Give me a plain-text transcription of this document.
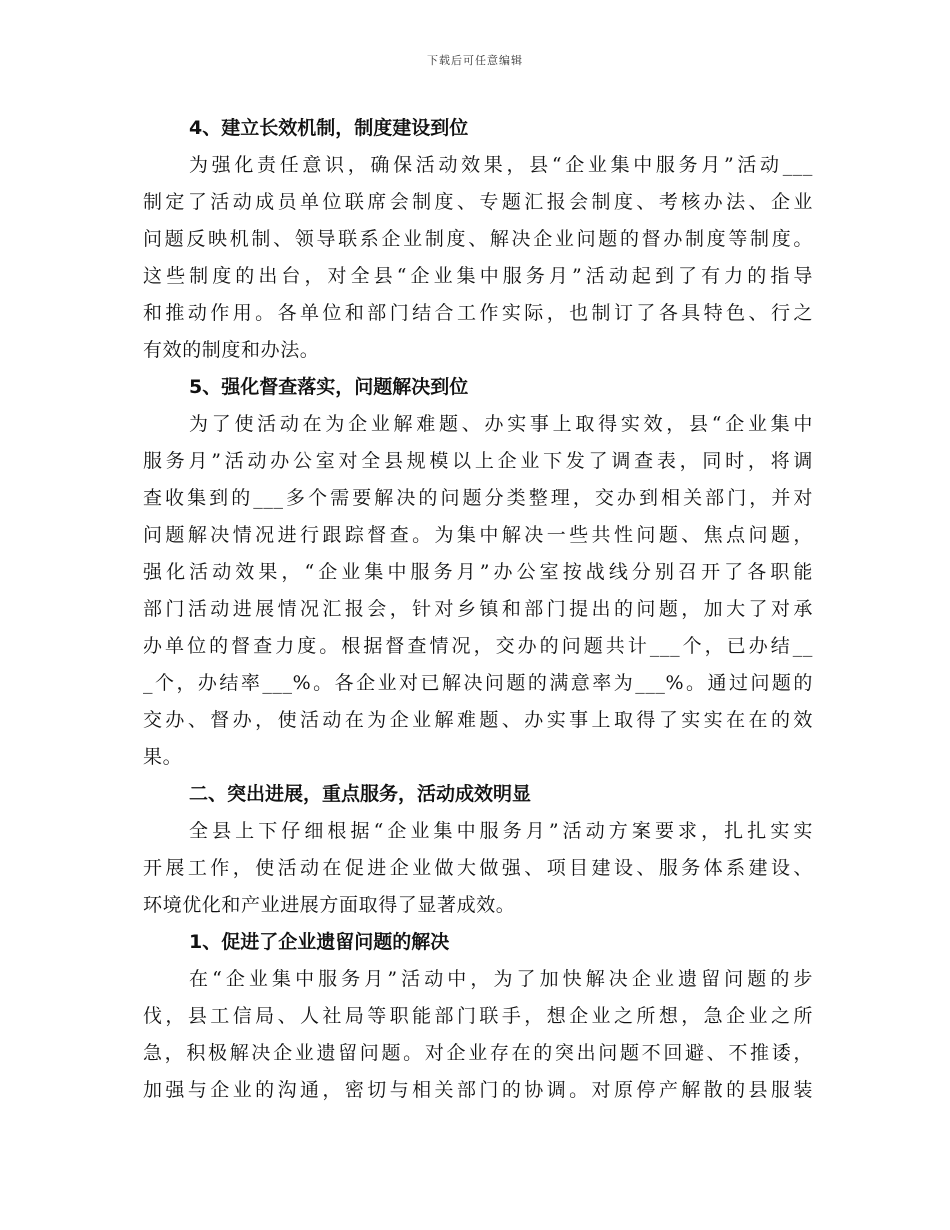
下载后可任意编辑
4、建立长效机制，制度建设到位
为强化责任意识，确保活动效果，县“企业集中服务月”活动___
制定了活动成员单位联席会制度、专题汇报会制度、考核办法、企业
问题反映机制、领导联系企业制度、解决企业问题的督办制度等制度。
这些制度的出台，对全县“企业集中服务月”活动起到了有力的指导
和推动作用。各单位和部门结合工作实际，也制订了各具特色、行之
有效的制度和办法。
5、强化督查落实，问题解决到位
为了使活动在为企业解难题、办实事上取得实效，县“企业集中
服务月”活动办公室对全县规模以上企业下发了调查表，同时，将调
查收集到的___多个需要解决的问题分类整理，交办到相关部门，并对
问题解决情况进行跟踪督查。为集中解决一些共性问题、焦点问题，
强化活动效果，“企业集中服务月”办公室按战线分别召开了各职能
部门活动进展情况汇报会，针对乡镇和部门提出的问题，加大了对承
办单位的督查力度。根据督查情况，交办的问题共计___个，已办结__
_个，办结率___%。各企业对已解决问题的满意率为___%。通过问题的
交办、督办，使活动在为企业解难题、办实事上取得了实实在在的效
果。
二、突出进展，重点服务，活动成效明显
全县上下仔细根据“企业集中服务月”活动方案要求，扎扎实实
开展工作，使活动在促进企业做大做强、项目建设、服务体系建设、
环境优化和产业进展方面取得了显著成效。
1、促进了企业遗留问题的解决
在“企业集中服务月”活动中，为了加快解决企业遗留问题的步
伐，县工信局、人社局等职能部门联手，想企业之所想，急企业之所
急，积极解决企业遗留问题。对企业存在的突出问题不回避、不推诿，
加强与企业的沟通，密切与相关部门的协调。对原停产解散的县服装
